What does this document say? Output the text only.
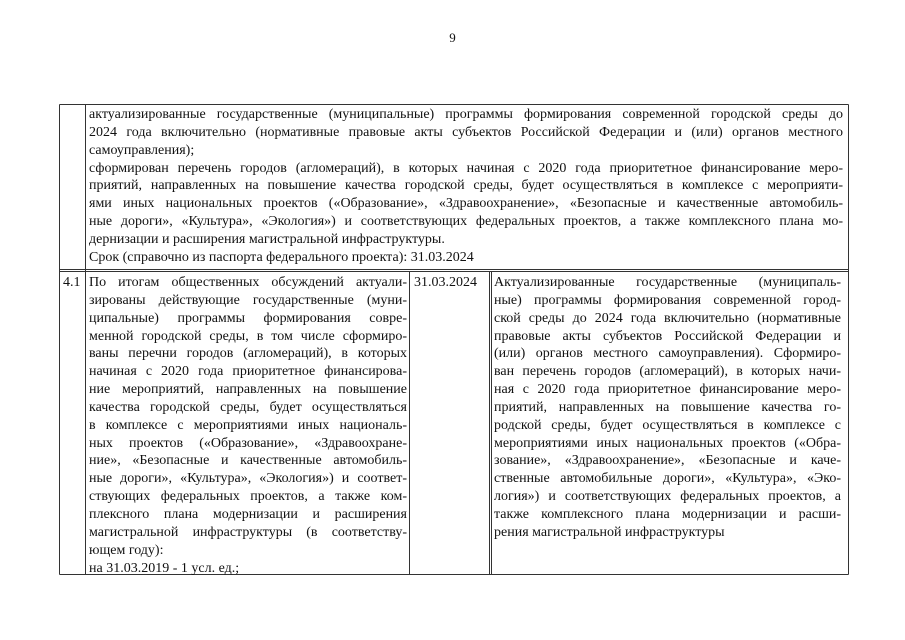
9
актуализированные государственные (муниципальные) программы формирования современной городской среды до
2024 года включительно (нормативные правовые акты субъектов Российской Федерации и (или) органов местного
самоуправления);
сформирован перечень городов (агломераций), в которых начиная с 2020 года приоритетное финансирование меро-
приятий, направленных на повышение качества городской среды, будет осуществляться в комплексе с мероприяти-
ями иных национальных проектов («Образование», «Здравоохранение», «Безопасные и качественные автомобиль-
ные дороги», «Культура», «Экология») и соответствующих федеральных проектов, а также комплексного плана мо-
дернизации и расширения магистральной инфраструктуры.
Срок (справочно из паспорта федерального проекта): 31.03.2024
4.1 По итогам общественных обсуждений актуали-
зированы действующие государственные (муни-
ципальные) программы формирования совре-
менной городской среды, в том числе сформиро-
ваны перечни городов (агломераций), в которых
начиная с 2020 года приоритетное финансирова-
ние мероприятий, направленных на повышение
качества городской среды, будет осуществляться
в комплексе с мероприятиями иных националь-
ных проектов («Образование», «Здравоохране-
ние», «Безопасные и качественные автомобиль-
ные дороги», «Культура», «Экология») и соответ-
ствующих федеральных проектов, а также ком-
плексного плана модернизации и расширения
магистральной инфраструктуры (в соответству-
ющем году):
на 31.03.2019 - 1 усл. ед.;
31.03.2024	Актуализированные государственные (муниципаль-
ные) программы формирования современной город-
ской среды до 2024 года включительно (нормативные
правовые акты субъектов Российской Федерации и
(или) органов местного самоуправления). Сформиро-
ван перечень городов (агломераций), в которых начи-
ная с 2020 года приоритетное финансирование меро-
приятий, направленных на повышение качества го-
родской среды, будет осуществляться в комплексе с
мероприятиями иных национальных проектов («Обра-
зование», «Здравоохранение», «Безопасные и каче-
ственные автомобильные дороги», «Культура», «Эко-
логия») и соответствующих федеральных проектов, а
также комплексного плана модернизации и расши-
рения магистральной инфраструктуры
